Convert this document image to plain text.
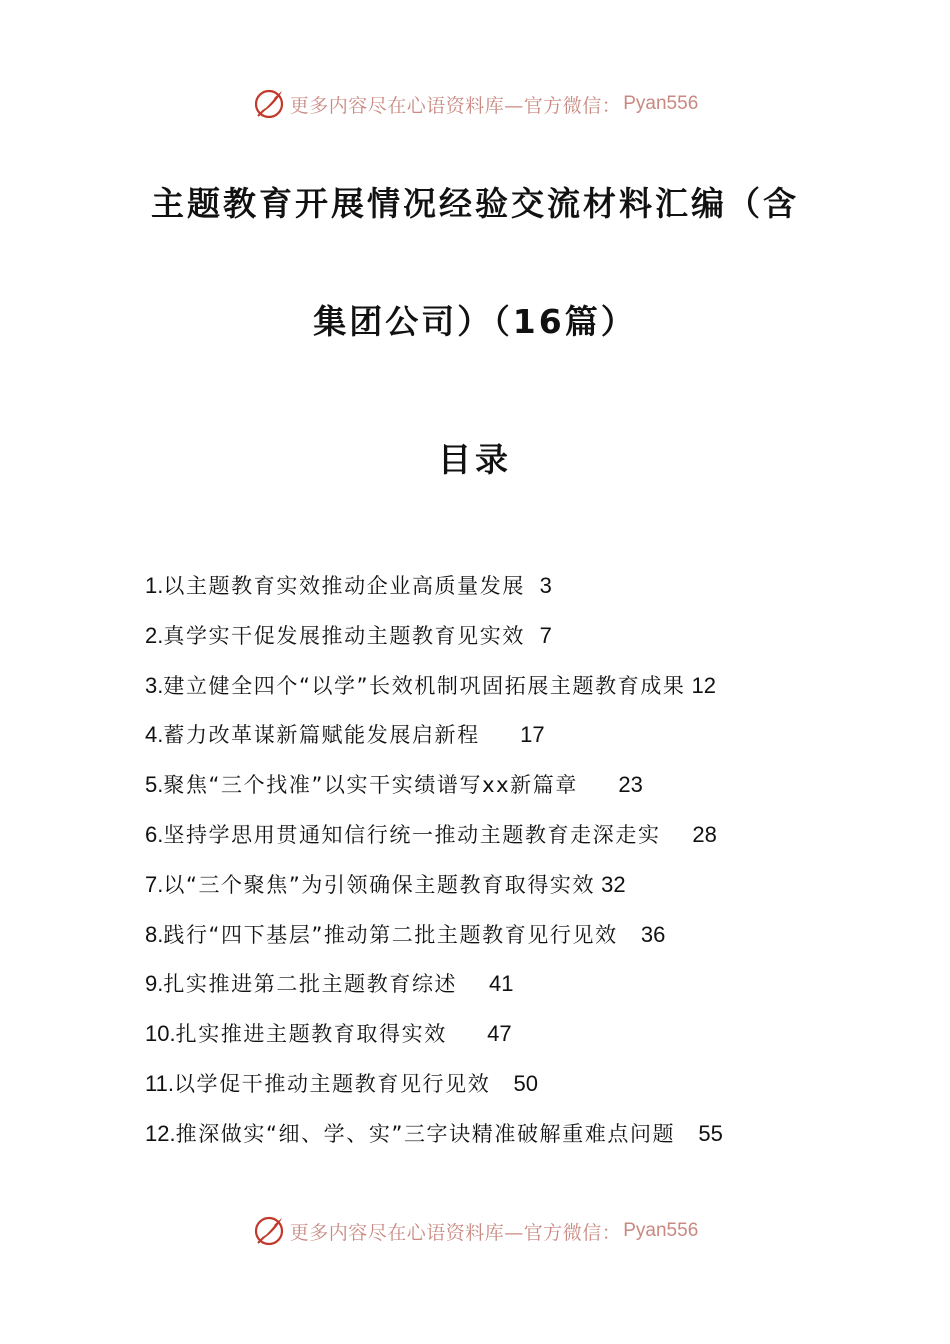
更多内容尽在心语资料库—官方微信： Pyan556
主题教育开展情况经验交流材料汇编（含
集团公司）（16篇）
目录
1.以主题教育实效推动企业高质量发展 3
2.真学实干促发展推动主题教育见实效 7
3.建立健全四个“以学”长效机制巩固拓展主题教育成果 12
4.蓄力改革谋新篇赋能发展启新程 17
5.聚焦“三个找准”以实干实绩谱写xx新篇章 23
6.坚持学思用贯通知信行统一推动主题教育走深走实 28
7.以“三个聚焦”为引领确保主题教育取得实效 32
8.践行“四下基层”推动第二批主题教育见行见效 36
9.扎实推进第二批主题教育综述 41
10.扎实推进主题教育取得实效 47
11.以学促干推动主题教育见行见效 50
12.推深做实“细、学、实”三字诀精准破解重难点问题 55
更多内容尽在心语资料库—官方微信： Pyan556
